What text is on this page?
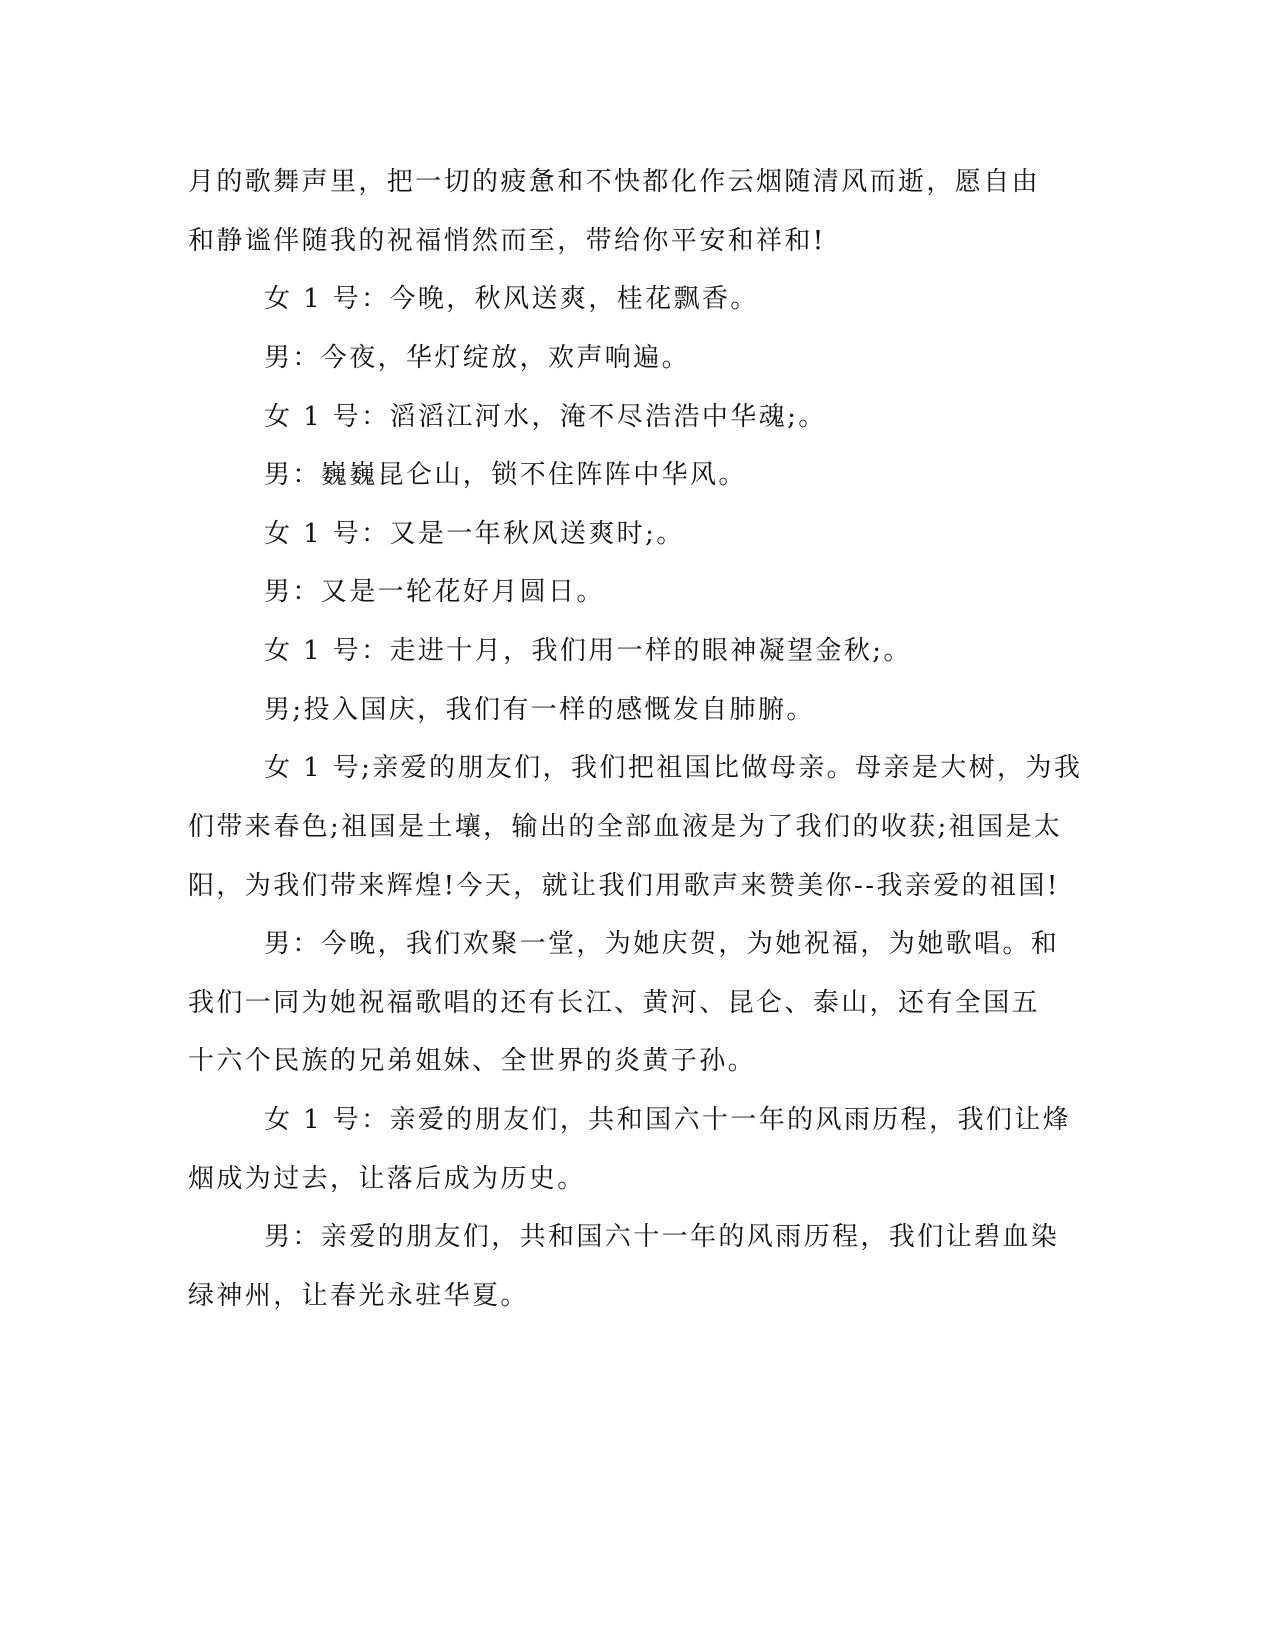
月的歌舞声里，把一切的疲惫和不快都化作云烟随清风而逝，愿自由
和静谧伴随我的祝福悄然而至，带给你平安和祥和!
女 1 号：今晚，秋风送爽，桂花飘香。
男：今夜，华灯绽放，欢声响遍。
女 1 号：滔滔江河水，淹不尽浩浩中华魂;。
男：巍巍昆仑山，锁不住阵阵中华风。
女 1 号：又是一年秋风送爽时;。
男：又是一轮花好月圆日。
女 1 号：走进十月，我们用一样的眼神凝望金秋;。
男;投入国庆，我们有一样的感慨发自肺腑。
女 1 号;亲爱的朋友们，我们把祖国比做母亲。母亲是大树，为我
们带来春色;祖国是土壤，输出的全部血液是为了我们的收获;祖国是太
阳，为我们带来辉煌!今天，就让我们用歌声来赞美你--我亲爱的祖国!
男：今晚，我们欢聚一堂，为她庆贺，为她祝福，为她歌唱。和
我们一同为她祝福歌唱的还有长江、黄河、昆仑、泰山，还有全国五
十六个民族的兄弟姐妹、全世界的炎黄子孙。
女 1 号：亲爱的朋友们，共和国六十一年的风雨历程，我们让烽
烟成为过去，让落后成为历史。
男：亲爱的朋友们，共和国六十一年的风雨历程，我们让碧血染
绿神州，让春光永驻华夏。
